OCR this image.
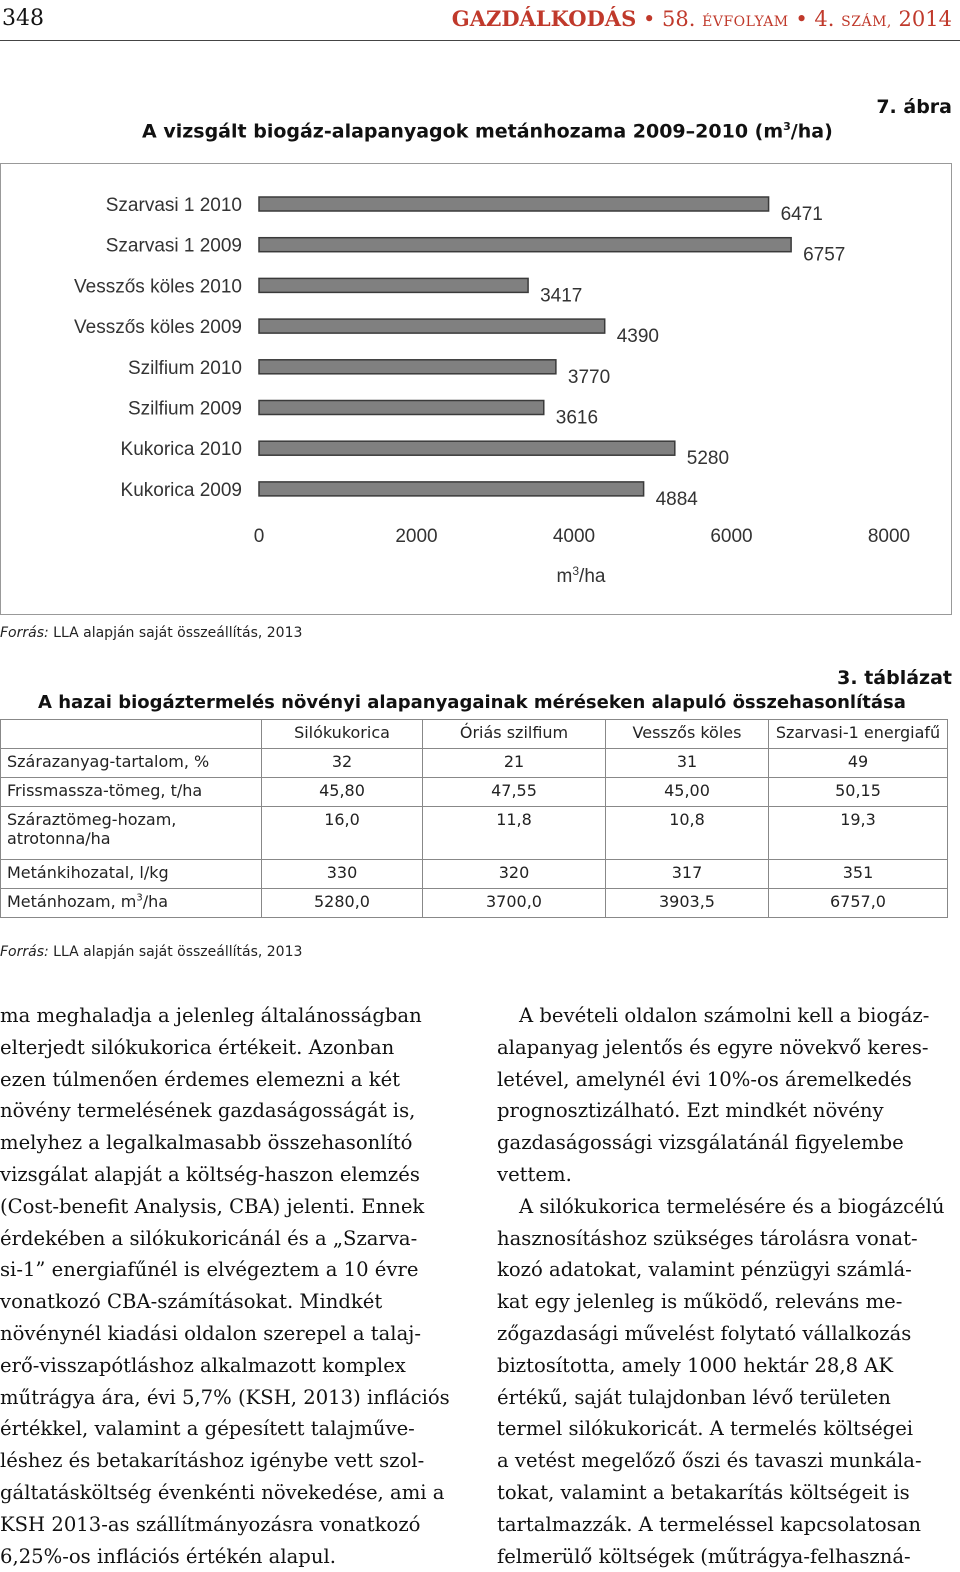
348	GAZDÁLKODÁS • 58. ÉVFOLYAM • 4. SZÁM, 2014
7. ábra
A vizsgált biogáz-alapanyagok metánhozama 2009–2010 $(m^3/ha)$
Szarvasi 1 2010	6471
Szarvasi 1 2009	6757
Vesszős köles 2010	3417
Vesszős köles 2009	4390
Szilfium 2010	3770
Szilfium 2009	3616
Kukorica 2010	5280
Kukorica 2009	4884
0	2000	4000	6000	8000
$m^3/ha$
Forrás: LLA alapján saját összeállítás, 2013
3. táblázat
A hazai biogáztermelés növényi alapanyagainak méréseken alapuló összehasonlítása
	Silókukorica	Óriás szilfium	Vesszős köles	Szarvasi-1 energiafű
Szárazanyag-tartalom, %	32	21	31	49
Frissmassza-tömeg, t/ha	45,80	47,55	45,00	50,15
Száraztömeg-hozam,
atrotonna/ha	16,0	11,8	10,8	19,3
Metánkihozatal, l/kg	330	320	317	351
Metánhozam, $m^3/ha$	5280,0	3700,0	3903,5	6757,0
Forrás: LLA alapján saját összeállítás, 2013
ma meghaladja a jelenleg általánosságban
elterjedt silókukorica értékeit. Azonban
ezen túlmenően érdemes elemezni a két
növény termelésének gazdaságosságát is,
melyhez a legalkalmasabb összehasonlító
vizsgálat alapját a költség-haszon elemzés
(Cost-benefit Analysis, CBA) jelenti. Ennek
érdekében a silókukoricánál és a „Szarva-
si-1” energiafűnél is elvégeztem a 10 évre
vonatkozó CBA-számításokat. Mindkét
növénynél kiadási oldalon szerepel a talaj-
erő-visszapótláshoz alkalmazott komplex
műtrágya ára, évi 5,7% (KSH, 2013) inflációs
értékkel, valamint a gépesített talajműve-
léshez és betakarításhoz igénybe vett szol-
gáltatásköltség évenkénti növekedése, ami a
KSH 2013-as szállítmányozásra vonatkozó
6,25%-os inflációs értékén alapul.
A bevételi oldalon számolni kell a biogáz-
alapanyag jelentős és egyre növekvő keres-
letével, amelynél évi 10%-os áremelkedés
prognosztizálható. Ezt mindkét növény
gazdaságossági vizsgálatánál figyelembe
vettem.
A silókukorica termelésére és a biogázcélú
hasznosításhoz szükséges tárolásra vonat-
kozó adatokat, valamint pénzügyi számlá-
kat egy jelenleg is működő, releváns me-
zőgazdasági művelést folytató vállalkozás
biztosította, amely 1000 hektár 28,8 AK
értékű, saját tulajdonban lévő területen
termel silókukoricát. A termelés költségei
a vetést megelőző őszi és tavaszi munkála-
tokat, valamint a betakarítás költségeit is
tartalmazzák. A termeléssel kapcsolatosan
felmerülő költségek (műtrágya-felhaszná-
